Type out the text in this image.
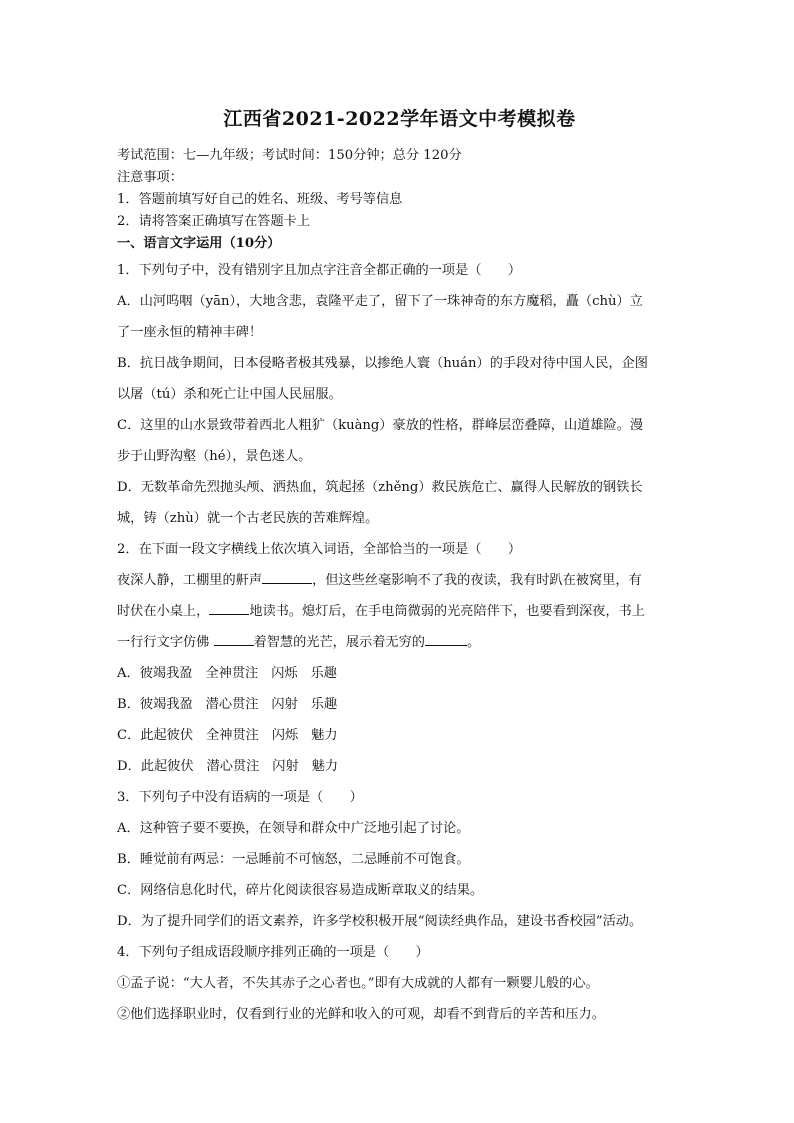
江西省2021-2022学年语文中考模拟卷
考试范围：七—九年级；考试时间：150分钟；总分 120分
注意事项：
1．答题前填写好自己的姓名、班级、考号等信息
2．请将答案正确填写在答题卡上
一、语言文字运用（10分）
1．下列句子中，没有错别字且加点字注音全都正确的一项是（　　）
A．山河呜咽（yān），大地含悲，袁隆平走了，留下了一珠神奇的东方魔稻，矗（chù）立
了一座永恒的精神丰碑！
B．抗日战争期间，日本侵略者极其残暴，以掺绝人寰（huán）的手段对待中国人民，企图
以屠（tú）杀和死亡让中国人民屈服。
C．这里的山水景致带着西北人粗犷（kuàng）豪放的性格，群峰层峦叠障，山道雄险。漫
步于山野沟壑（hé），景色迷人。
D．无数革命先烈抛头颅、洒热血，筑起拯（zhěng）救民族危亡、赢得人民解放的钢铁长
城，铸（zhù）就一个古老民族的苦难辉煌。
2．在下面一段文字横线上依次填入词语，全部恰当的一项是（　　）
夜深人静，工棚里的鼾声	，但这些丝毫影响不了我的夜读，我有时趴在被窝里，有
时伏在小桌上，	地读书。熄灯后，在手电筒微弱的光亮陪伴下，也要看到深夜，书上
一行行文字仿佛	着智慧的光芒，展示着无穷的	。
A．彼竭我盈 全神贯注 闪烁 乐趣
B．彼竭我盈 潜心贯注 闪射 乐趣
C．此起彼伏 全神贯注 闪烁 魅力
D．此起彼伏 潜心贯注 闪射 魅力
3．下列句子中没有语病的一项是（　　）
A．这种管子要不要换，在领导和群众中广泛地引起了讨论。
B．睡觉前有两忌：一忌睡前不可恼怒，二忌睡前不可饱食。
C．网络信息化时代，碎片化阅读很容易造成断章取义的结果。
D．为了提升同学们的语文素养，许多学校积极开展“阅读经典作品，建设书香校园”活动。
4．下列句子组成语段顺序排列正确的一项是（　　）
①孟子说：“大人者，不失其赤子之心者也。”即有大成就的人都有一颗婴儿般的心。
②他们选择职业时，仅看到行业的光鲜和收入的可观，却看不到背后的辛苦和压力。
